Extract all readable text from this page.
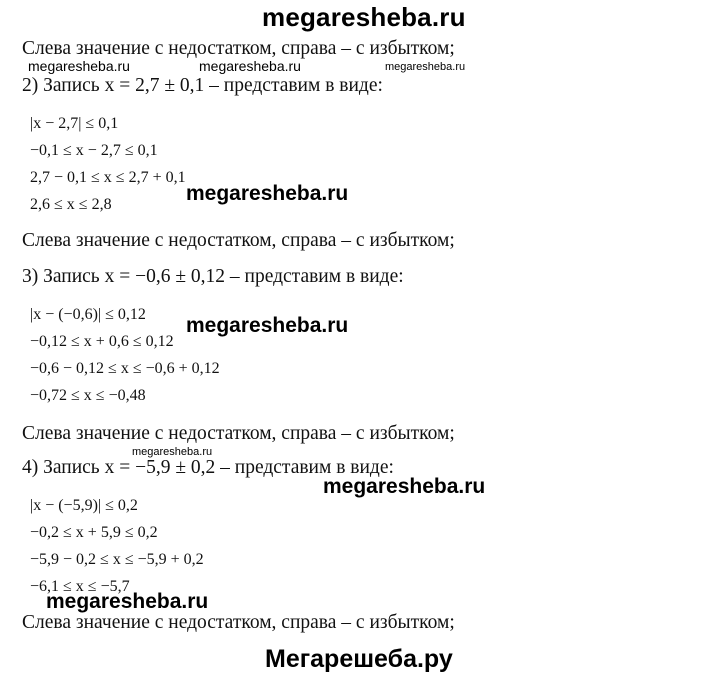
megaresheba.ru
Слева значение с недостатком, справа – с избытком;
megaresheba.ru	megaresheba.ru	megaresheba.ru
2) Запись x = 2,7 ± 0,1 – представим в виде:
|x − 2,7| ≤ 0,1
−0,1 ≤ x − 2,7 ≤ 0,1
2,7 − 0,1 ≤ x ≤ 2,7 + 0,1
2,6 ≤ x ≤ 2,8	megaresheba.ru
Слева значение с недостатком, справа – с избытком;
3) Запись x = −0,6 ± 0,12 – представим в виде:
|x − (−0,6)| ≤ 0,12 megaresheba.ru
−0,12 ≤ x + 0,6 ≤ 0,12
−0,6 − 0,12 ≤ x ≤ −0,6 + 0,12
−0,72 ≤ x ≤ −0,48
Слева значение с недостатком, справа – с избытком;
megaresheba.ru
4) Запись x = −5,9 ± 0,2 – представим в виде:
megaresheba.ru
|x − (−5,9)| ≤ 0,2
−0,2 ≤ x + 5,9 ≤ 0,2
−5,9 − 0,2 ≤ x ≤ −5,9 + 0,2
−6,1 ≤ x ≤ −5,7
megaresheba.ru
Слева значение с недостатком, справа – с избытком;
Мегарешеба.ру
